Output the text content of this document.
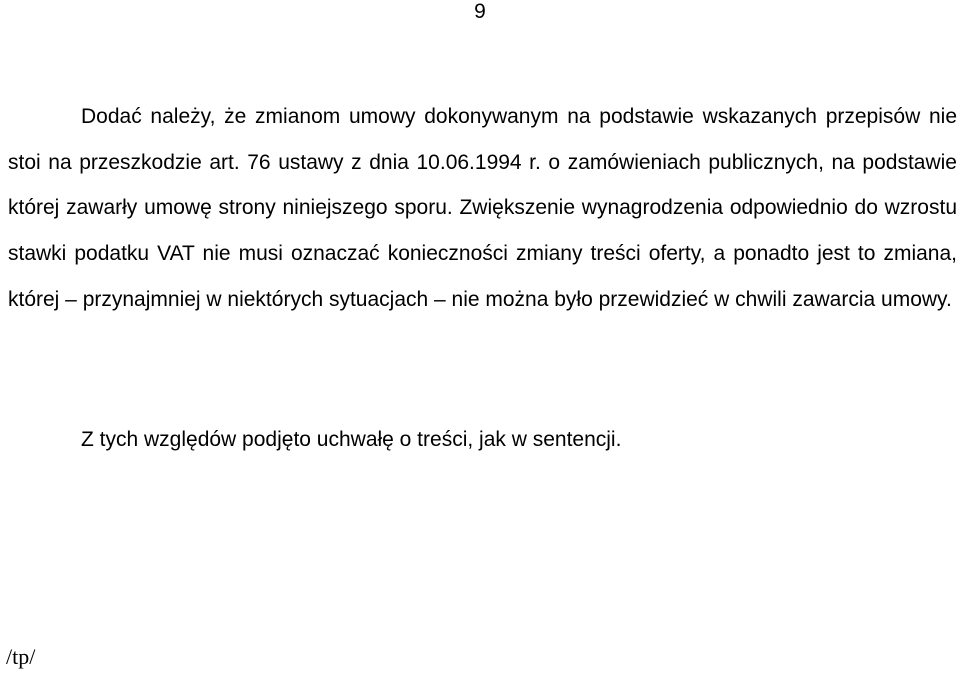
9

Dodać należy, że zmianom umowy dokonywanym na podstawie wskazanych przepisów nie stoi na przeszkodzie art. 76 ustawy z dnia 10.06.1994 r. o zamówieniach publicznych, na podstawie której zawarły umowę strony niniejszego sporu. Zwiększenie wynagrodzenia odpowiednio do wzrostu stawki podatku VAT nie musi oznaczać konieczności zmiany treści oferty, a ponadto jest to zmiana, której – przynajmniej w niektórych sytuacjach – nie można było przewidzieć w chwili zawarcia umowy.

Z tych względów podjęto uchwałę o treści, jak w sentencji.

/tp/
